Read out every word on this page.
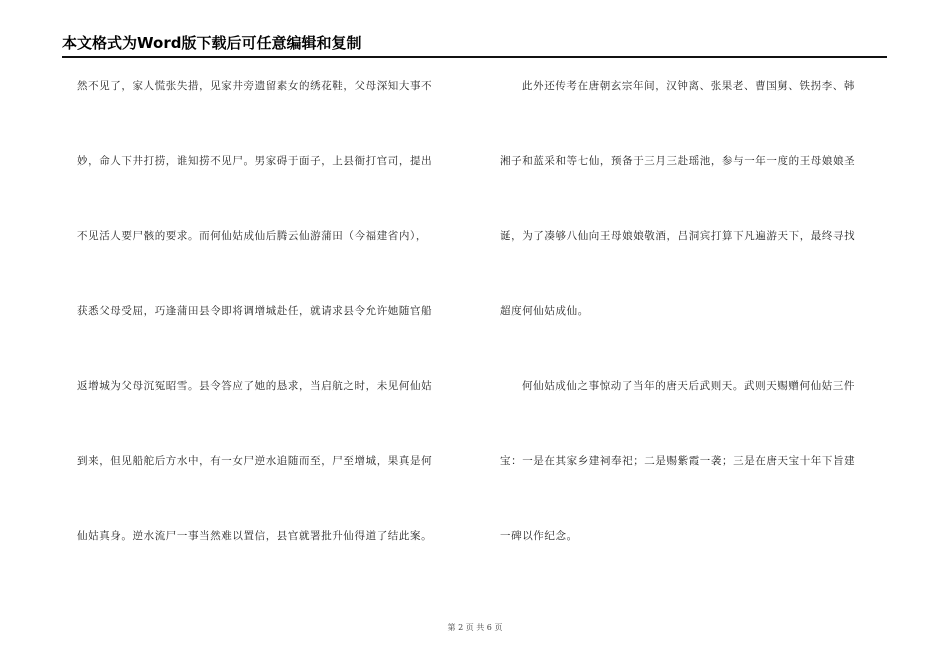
本文格式为Word版下载后可任意编辑和复制
然不见了，家人慌张失措，见家井旁遗留素女的绣花鞋，父母深知大事不
妙，命人下井打捞，谁知捞不见尸。男家碍于面子，上县衙打官司，提出
不见活人要尸骸的要求。而何仙姑成仙后腾云仙游蒲田（今福建省内），
获悉父母受屈，巧逢蒲田县令即将调增城赴任，就请求县令允许她随官船
返增城为父母沉冤昭雪。县令答应了她的恳求，当启航之时，未见何仙姑
到来，但见船舵后方水中，有一女尸逆水追随而至，尸至增城，果真是何
仙姑真身。逆水流尸一事当然难以置信，县官就署批升仙得道了结此案。
此外还传考在唐朝玄宗年间，汉钟离、张果老、曹国舅、铁拐李、韩
湘子和蓝采和等七仙，预备于三月三赴瑶池，参与一年一度的王母娘娘圣
诞，为了凑够八仙向王母娘娘敬酒，吕洞宾打算下凡遍游天下，最终寻找
超度何仙姑成仙。
何仙姑成仙之事惊动了当年的唐天后武则天。武则天赐赠何仙姑三件
宝：一是在其家乡建祠奉祀；二是赐紫霞一袭；三是在唐天宝十年下旨建
一碑以作纪念。
第 2 页 共 6 页
